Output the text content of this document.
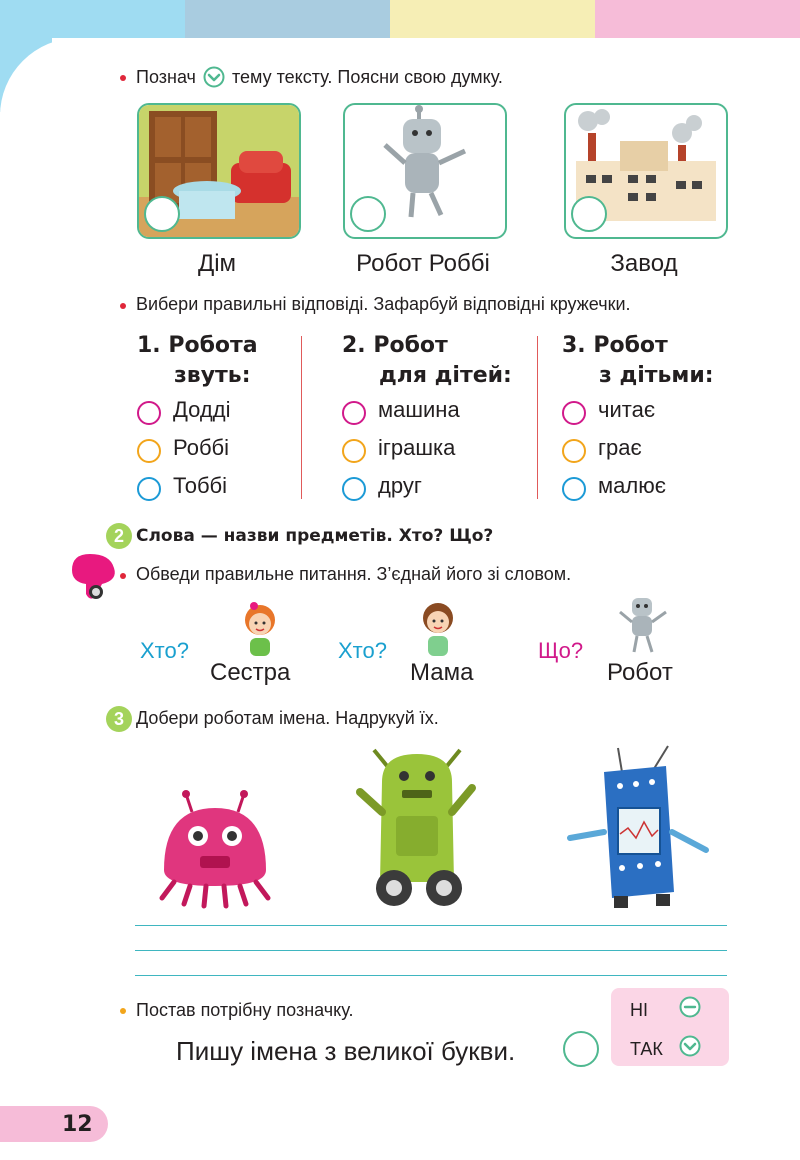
Познач тему тексту. Поясни свою думку.
Дім	Робот Роббі	Завод
Вибери правильні відповіді. Зафарбуй відповідні кружечки.
1. Робота
звуть:
Додді
Роббі
Тоббі
2. Робот
для дітей:
машина
іграшка
друг
3. Робот
з дітьми:
читає
грає
малює
2 Слова — назви предметів. Хто? Що?
Обведи правильне питання. З’єднай його зі словом.
Хто?
Сестра
Хто?
Мама
Що?
Робот
3 Добери роботам імена. Надрукуй їх.
Постав потрібну позначку.
Пишу імена з великої букви.
НІ
ТАК
12
